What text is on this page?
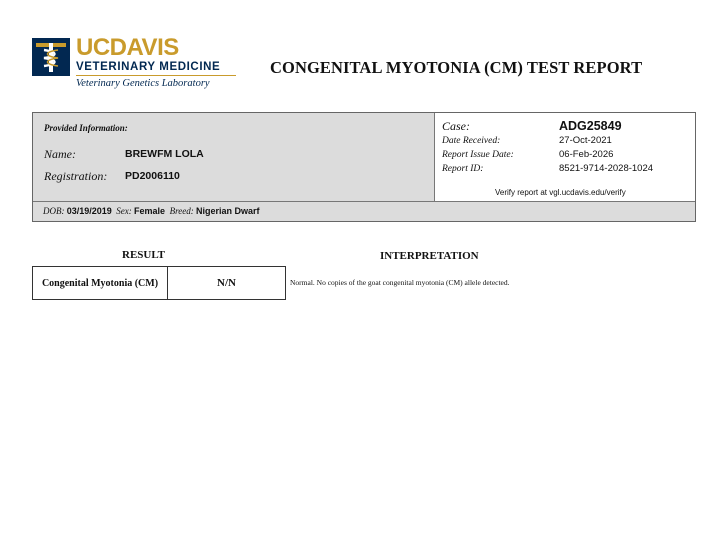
UCDAVIS
VETERINARY MEDICINE
Veterinary Genetics Laboratory
CONGENITAL MYOTONIA (CM) TEST REPORT
Provided Information:
Name:	BREWFM LOLA
Registration: PD2006110
Case:	ADG25849
Date Received:	27-Oct-2021
Report Issue Date:	06-Feb-2026
Report ID:	8521-9714-2028-1024
Verify report at vgl.ucdavis.edu/verify
DOB: 03/19/2019 Sex: Female Breed: Nigerian Dwarf
RESULT	INTERPRETATION
Congenital Myotonia (CM)	N/N	Normal. No copies of the goat congenital myotonia (CM) allele detected.
